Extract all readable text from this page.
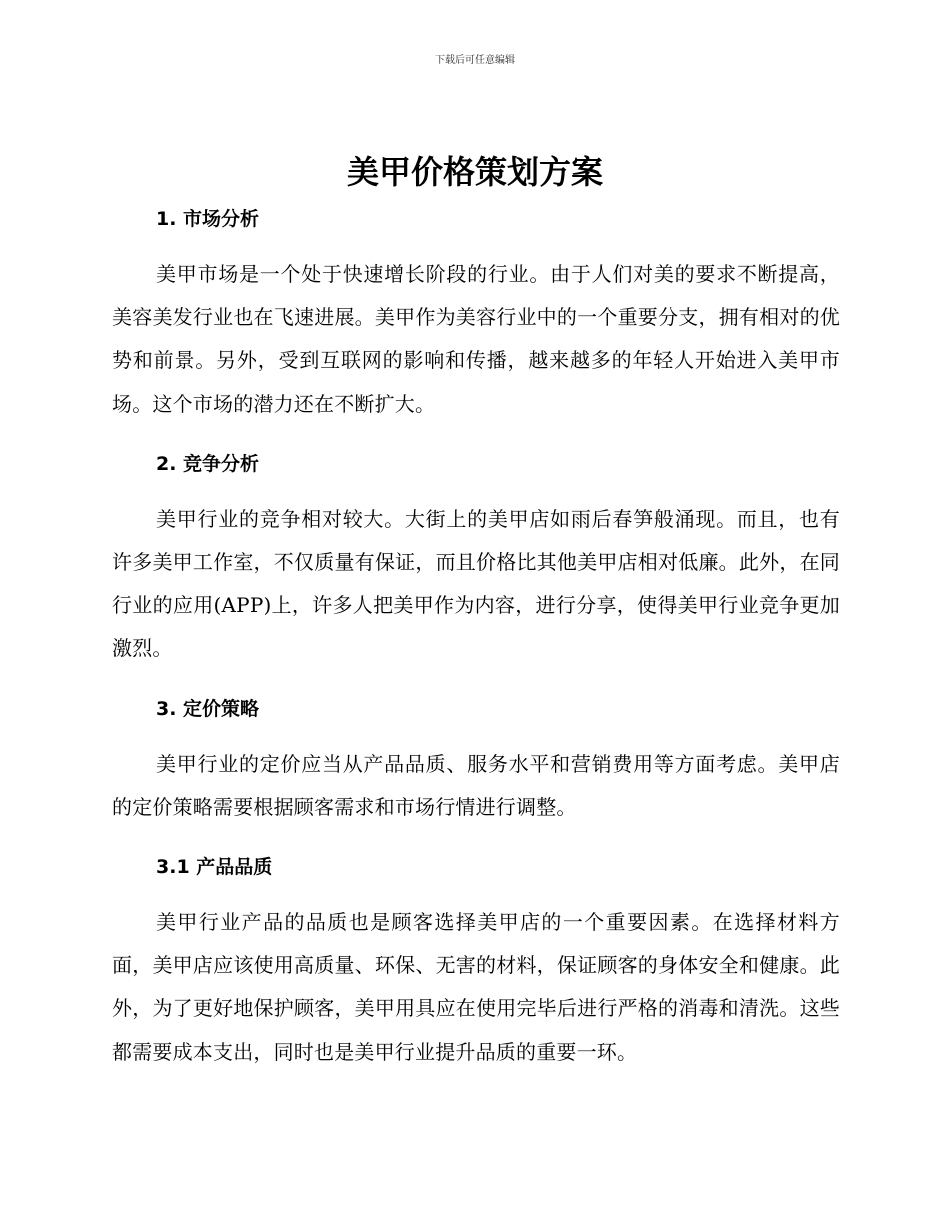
下载后可任意编辑
美甲价格策划方案
1. 市场分析

美甲市场是一个处于快速增长阶段的行业。由于人们对美的要求不断提高，美容美发行业也在飞速进展。美甲作为美容行业中的一个重要分支，拥有相对的优势和前景。另外，受到互联网的影响和传播，越来越多的年轻人开始进入美甲市场。这个市场的潜力还在不断扩大。

2. 竞争分析

美甲行业的竞争相对较大。大街上的美甲店如雨后春笋般涌现。而且，也有许多美甲工作室，不仅质量有保证，而且价格比其他美甲店相对低廉。此外，在同行业的应用(APP)上，许多人把美甲作为内容，进行分享，使得美甲行业竞争更加激烈。

3. 定价策略

美甲行业的定价应当从产品品质、服务水平和营销费用等方面考虑。美甲店的定价策略需要根据顾客需求和市场行情进行调整。

3.1 产品品质

美甲行业产品的品质也是顾客选择美甲店的一个重要因素。在选择材料方面，美甲店应该使用高质量、环保、无害的材料，保证顾客的身体安全和健康。此外，为了更好地保护顾客，美甲用具应在使用完毕后进行严格的消毒和清洗。这些都需要成本支出，同时也是美甲行业提升品质的重要一环。
